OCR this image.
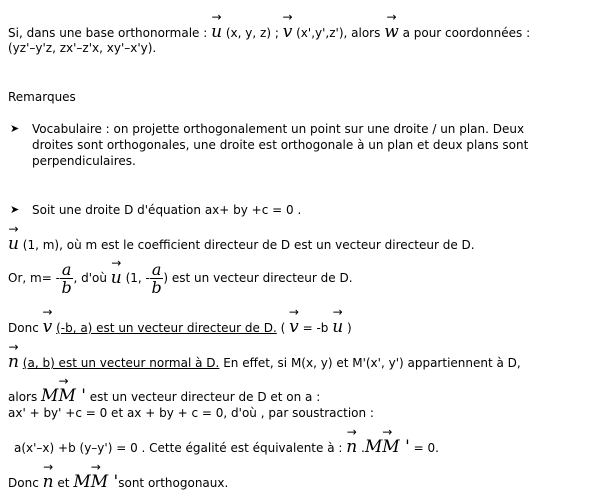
Si, dans une base orthonormale :
→
u (x, y, z) ;
→
v (x',y',z'), alors
→
w a pour coordonnées :
(yz'–y'z, zx'–z'x, xy'–x'y).
Remarques
➤ Vocabulaire : on projette orthogonalement un point sur une droite / un plan. Deux
droites sont orthogonales, une droite est orthogonale à un plan et deux plans sont
perpendiculaires.
➤ Soit une droite D d'équation ax+ by +c = 0 .
→
u (1, m), où m est le coefficient directeur de D est un vecteur directeur de D.
Or, $m= - \frac{a}{b}$ , d'où

→
u
(1, - $\frac{a}{b}$ ) est un vecteur directeur de D.
Donc
→
v (-b, a) est un vecteur directeur de D. (
→
v = -b
→
u )
→
n (a, b) est un vecteur normal à D. En effet, si M(x, y) et M'(x', y') appartiennent à D,
alors
→
MM ' est un vecteur directeur de D et on a :
ax' + by' +c = 0 et ax + by + c = 0, d'où , par soustraction :
a(x'–x) +b (y–y') = 0 . Cette égalité est équivalente à :
→
n .
→
MM ' = 0.
Donc
→
n et
→
MM 'sont orthogonaux.
